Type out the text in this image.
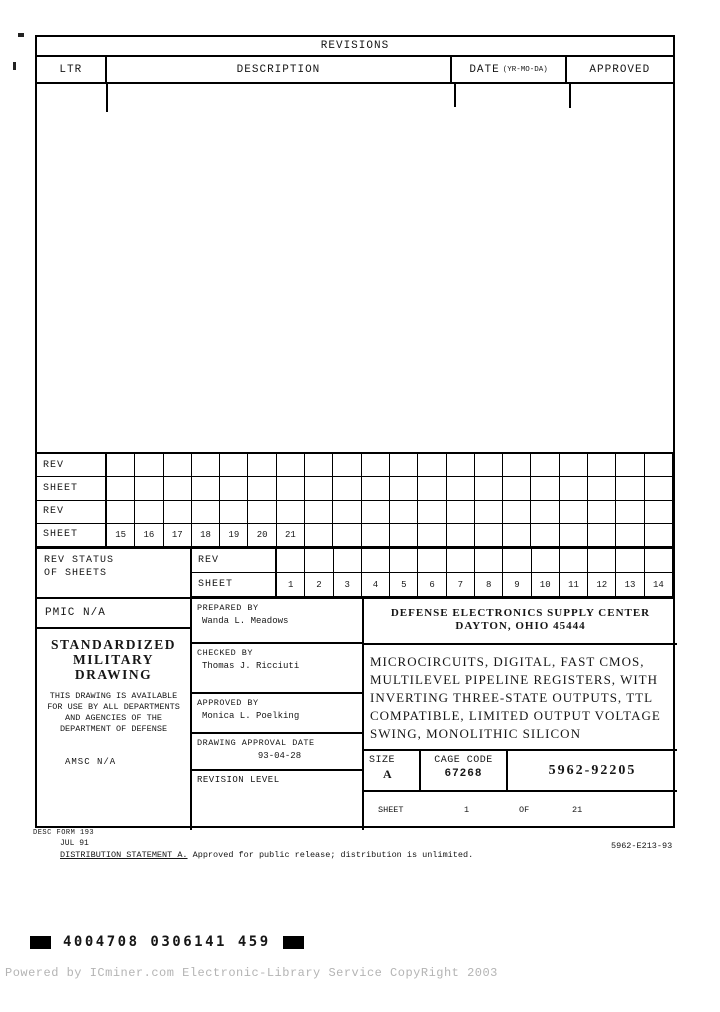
REVISIONS
LTR	DESCRIPTION	DATE (YR-MO-DA)	APPROVED
REV
SHEET
REV
SHEET	15	16	17	18	19	20	21
REV STATUS
OF SHEETS
REV
SHEET	1	2	3	4	5	6	7	8	9	10	11	12	13	14
PMIC N/A
STANDARDIZED
MILITARY
DRAWING
THIS DRAWING IS AVAILABLE
FOR USE BY ALL DEPARTMENTS
AND AGENCIES OF THE
DEPARTMENT OF DEFENSE
AMSC N/A
PREPARED BY
Wanda L. Meadows
CHECKED BY
Thomas J. Ricciuti
APPROVED BY
Monica L. Poelking
DRAWING APPROVAL DATE
93-04-28
REVISION LEVEL
DEFENSE ELECTRONICS SUPPLY CENTER
DAYTON, OHIO 45444
MICROCIRCUITS, DIGITAL, FAST CMOS,
MULTILEVEL PIPELINE REGISTERS, WITH
INVERTING THREE-STATE OUTPUTS, TTL
COMPATIBLE, LIMITED OUTPUT VOLTAGE
SWING, MONOLITHIC SILICON
SIZE
A
CAGE CODE
67268	5962-92205
SHEET	1	OF	21
DESC FORM 193
JUL 91
DISTRIBUTION STATEMENT A. Approved for public release; distribution is unlimited.
5962-E213-93
4004708 0306141 459
Powered by ICminer.com Electronic-Library Service CopyRight 2003
